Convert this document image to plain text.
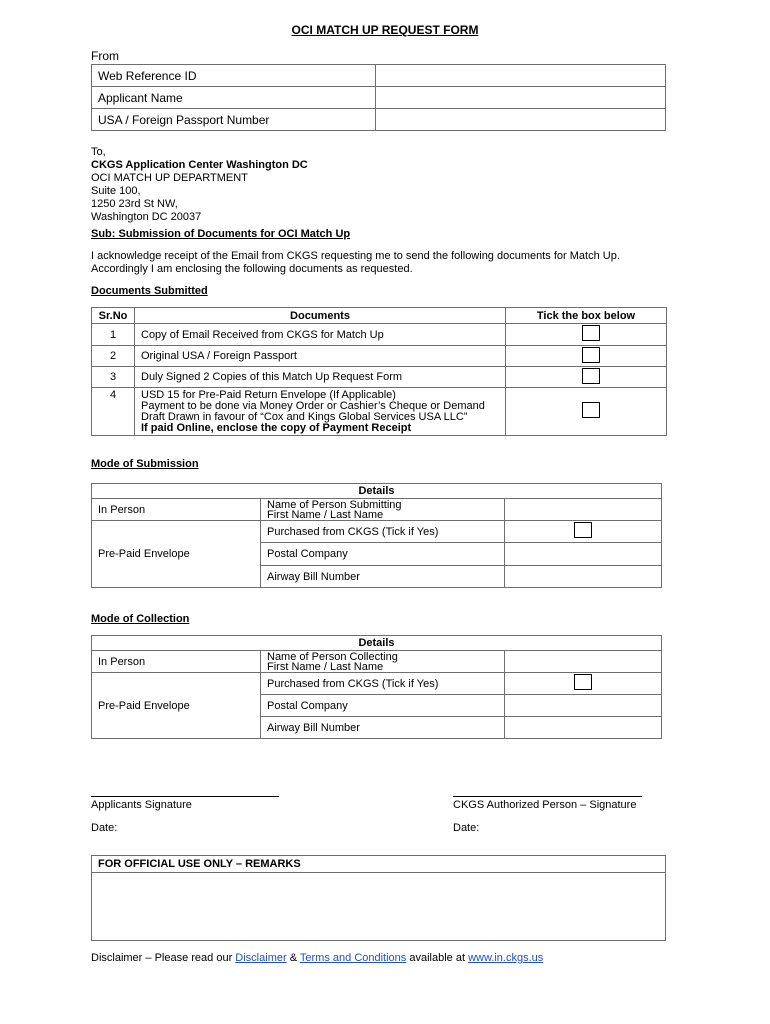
OCI MATCH UP REQUEST FORM
From
Web Reference ID	
Applicant Name	
USA / Foreign Passport Number	
To,
CKGS Application Center Washington DC
OCI MATCH UP DEPARTMENT
Suite 100,
1250 23rd St NW,
Washington DC 20037
Sub: Submission of Documents for OCI Match Up
I acknowledge receipt of the Email from CKGS requesting me to send the following documents for Match Up.
Accordingly I am enclosing the following documents as requested.
Documents Submitted
Sr.No	Documents	Tick the box below
1	Copy of Email Received from CKGS for Match Up	
2	Original USA / Foreign Passport	
3	Duly Signed 2 Copies of this Match Up Request Form	
4	USD 15 for Pre-Paid Return Envelope (If Applicable)
Payment to be done via Money Order or Cashier’s Cheque or Demand
Draft Drawn in favour of “Cox and Kings Global Services USA LLC”
If paid Online, enclose the copy of Payment Receipt	

Mode of Submission
Details		
In Person	Name of Person Submitting
First Name / Last Name	

Pre-Paid Envelope	Purchased from CKGS (Tick if Yes)	
	Postal Company	
	Airway Bill Number	
Mode of Collection
Details		
In Person	Name of Person Collecting
First Name / Last Name	

Pre-Paid Envelope	Purchased from CKGS (Tick if Yes)	
	Postal Company	
	Airway Bill Number	
Applicants Signature	CKGS Authorized Person – Signature
Date:	Date:
FOR OFFICIAL USE ONLY – REMARKS
Disclaimer – Please read our Disclaimer & Terms and Conditions available at www.in.ckgs.us
